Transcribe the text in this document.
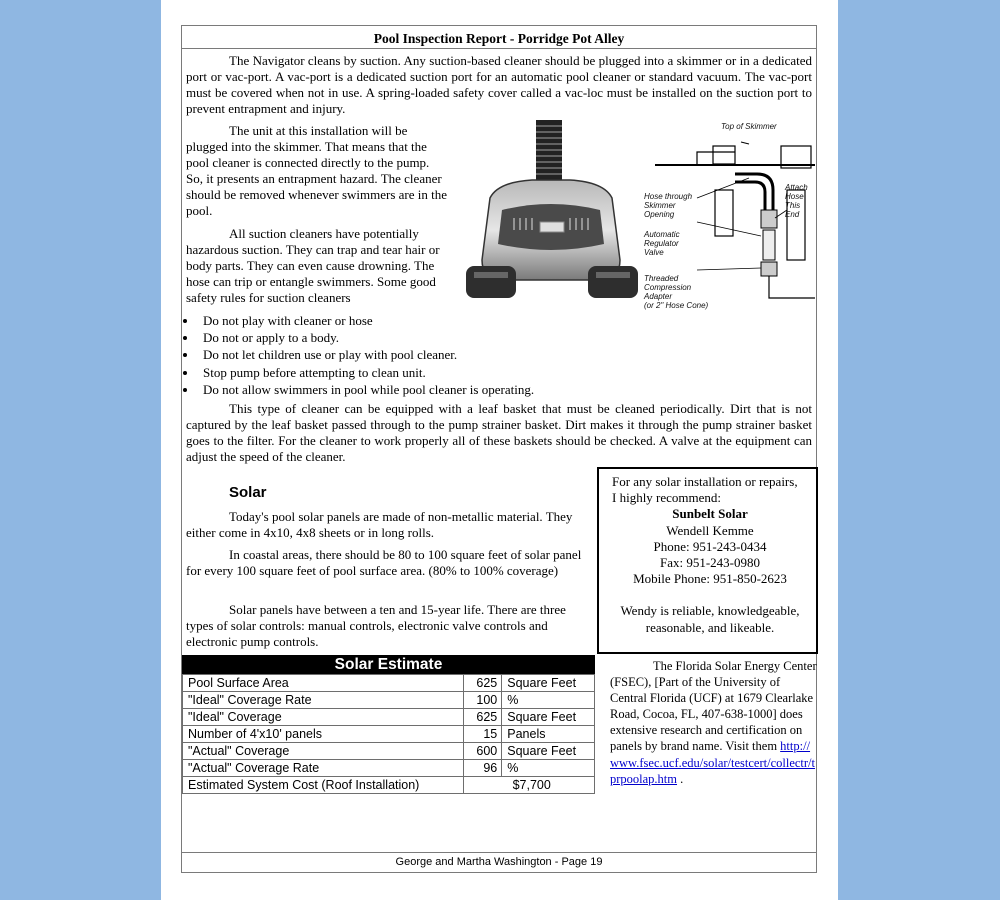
Pool Inspection Report - Porridge Pot Alley

The Navigator cleans by suction. Any suction-based cleaner should be plugged into a skimmer or in a dedicated port or vac-port. A vac-port is a dedicated suction port for an automatic pool cleaner or standard vacuum. The vac-port must be covered when not in use. A spring-loaded safety cover called a vac-loc must be installed on the suction port to prevent entrapment and injury.

The unit at this installation will be plugged into the skimmer. That means that the pool cleaner is connected directly to the pump. So, it presents an entrapment hazard. The cleaner should be removed whenever swimmers are in the pool.

All suction cleaners have potentially hazardous suction. They can trap and tear hair or body parts. They can even cause drowning. The hose can trip or entangle swimmers. Some good safety rules for suction cleaners

Top of Skimmer
Hose through
Skimmer
Opening
Automatic
Regulator
Valve
Threaded
Compression
Adapter
(or 2" Hose Cone)
Attach
Hose
This End
Do not play with cleaner or hose
Do not or apply to a body.
Do not let children use or play with pool cleaner.
Stop pump before attempting to clean unit.
Do not allow swimmers in pool while pool cleaner is operating.

This type of cleaner can be equipped with a leaf basket that must be cleaned periodically. Dirt that is not captured by the leaf basket passed through to the pump strainer basket. Dirt makes it through the pump strainer basket goes to the filter. For the cleaner to work properly all of these baskets should be checked. A valve at the equipment can adjust the speed of the cleaner.

Solar

Today's pool solar panels are made of non-metallic material. They either come in 4x10, 4x8 sheets or in long rolls.

In coastal areas, there should be 80 to 100 square feet of solar panel for every 100 square feet of pool surface area. (80% to 100% coverage)

Solar panels have between a ten and 15-year life. There are three types of solar controls: manual controls, electronic valve controls and electronic pump controls.

For any solar installation or repairs,

I highly recommend:

Sunbelt Solar

Wendell Kemme

Phone: 951-243-0434

Fax: 951-243-0980

Mobile Phone: 951-850-2623

Wendy is reliable, knowledgeable, reasonable, and likeable.

Solar Estimate
Pool Surface Area	625	Square Feet
"Ideal" Coverage Rate	100	%
"Ideal" Coverage	625	Square Feet
Number of 4'x10' panels	15	Panels
"Actual" Coverage	600	Square Feet
"Actual" Coverage Rate	96	%
Estimated System Cost (Roof Installation)	$7,700	
The Florida Solar Energy Center (FSEC), [Part of the University of Central Florida (UCF) at 1679 Clearlake Road, Cocoa, FL, 407-638-1000] does extensive research and certification on panels by brand name. Visit them http://www.fsec.ucf.edu/solar/testcert/collectr/tprpoolap.htm .
George and Martha Washington - Page 19
